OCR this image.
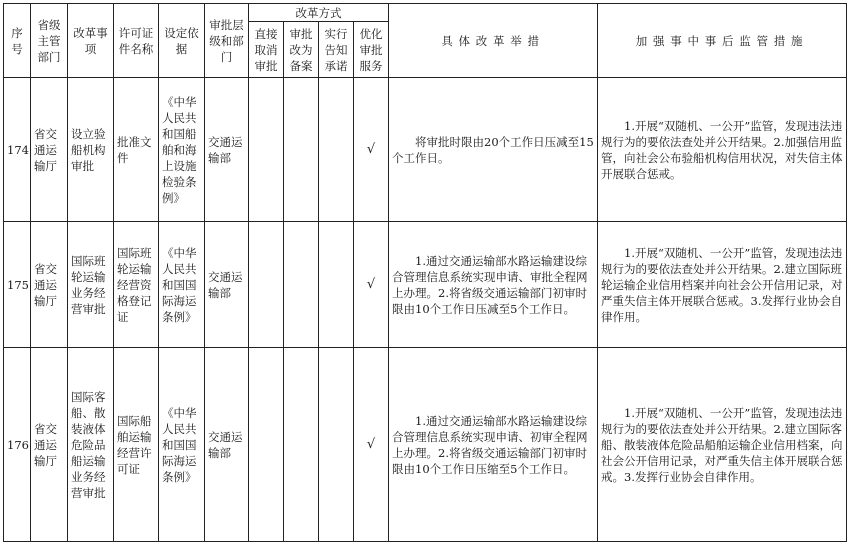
序号	省级主管部门	改革事项	许可证件名称	设定依据	审批层级和部门	改革方式				具体改革举措	加强事中事后监管措施
						直接取消审批	审批改为备案	实行告知承诺	优化审批服务		
174	省交通运输厅	设立验船机构审批	批准文件	《中华人民共和国船舶和海上设施检验条例》	交通运输部				√	将审批时限由20个工作日压减至15个工作日。	1.开展“双随机、一公开”监管，发现违法违规行为的要依法查处并公开结果。2.加强信用监管，向社会公布验船机构信用状况，对失信主体开展联合惩戒。
175	省交通运输厅	国际班轮运输业务经营审批	国际班轮运输经营资格登记证	《中华人民共和国国际海运条例》	交通运输部				√	1.通过交通运输部水路运输建设综合管理信息系统实现申请、审批全程网上办理。2.将省级交通运输部门初审时限由10个工作日压减至5个工作日。	1.开展“双随机、一公开”监管，发现违法违规行为的要依法查处并公开结果。2.建立国际班轮运输企业信用档案并向社会公开信用记录，对严重失信主体开展联合惩戒。3.发挥行业协会自律作用。
176	省交通运输厅	国际客船、散装液体危险品船运输业务经营审批	国际船舶运输经营许可证	《中华人民共和国国际海运条例》	交通运输部				√	1.通过交通运输部水路运输建设综合管理信息系统实现申请、初审全程网上办理。2.将省级交通运输部门初审时限由10个工作日压缩至5个工作日。	1.开展“双随机、一公开”监管，发现违法违规行为的要依法查处并公开结果。2.建立国际客船、散装液体危险品船舶运输企业信用档案，向社会公开信用记录，对严重失信主体开展联合惩戒。3.发挥行业协会自律作用。
